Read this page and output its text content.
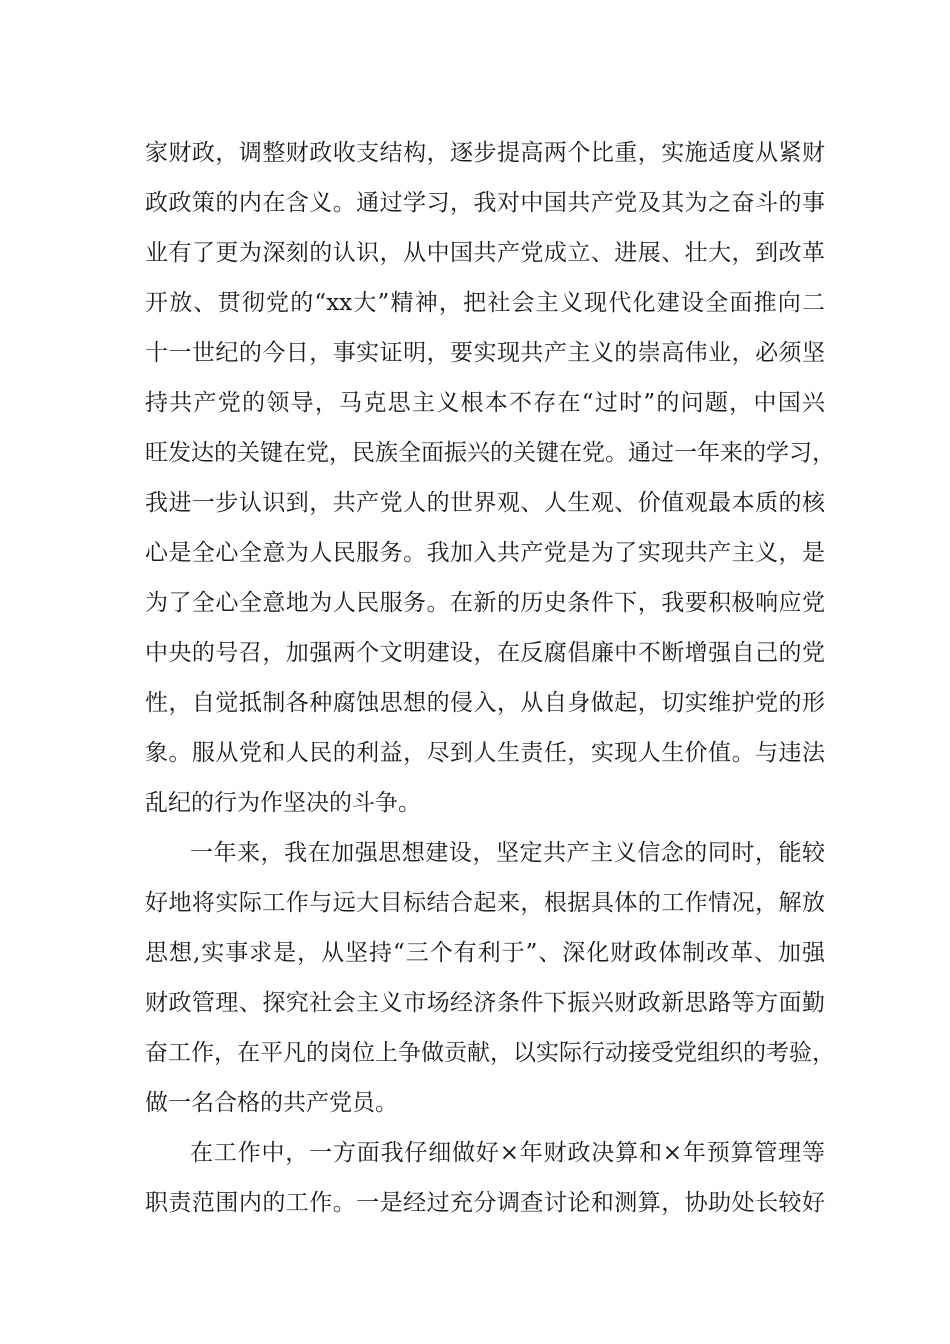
家财政，调整财政收支结构，逐步提高两个比重，实施适度从紧财
政政策的内在含义。通过学习，我对中国共产党及其为之奋斗的事
业有了更为深刻的认识，从中国共产党成立、进展、壮大，到改革
开放、贯彻党的“xx大”精神，把社会主义现代化建设全面推向二
十一世纪的今日，事实证明，要实现共产主义的崇高伟业，必须坚
持共产党的领导，马克思主义根本不存在“过时”的问题，中国兴
旺发达的关键在党，民族全面振兴的关键在党。通过一年来的学习，
我进一步认识到，共产党人的世界观、人生观、价值观最本质的核
心是全心全意为人民服务。我加入共产党是为了实现共产主义，是
为了全心全意地为人民服务。在新的历史条件下，我要积极响应党
中央的号召，加强两个文明建设，在反腐倡廉中不断增强自己的党
性，自觉抵制各种腐蚀思想的侵入，从自身做起，切实维护党的形
象。服从党和人民的利益，尽到人生责任，实现人生价值。与违法
乱纪的行为作坚决的斗争。
一年来，我在加强思想建设，坚定共产主义信念的同时，能较
好地将实际工作与远大目标结合起来，根据具体的工作情况，解放
思想,实事求是，从坚持“三个有利于”、深化财政体制改革、加强
财政管理、探究社会主义市场经济条件下振兴财政新思路等方面勤
奋工作，在平凡的岗位上争做贡献，以实际行动接受党组织的考验，
做一名合格的共产党员。
在工作中，一方面我仔细做好×年财政决算和×年预算管理等
职责范围内的工作。一是经过充分调查讨论和测算，协助处长较好
